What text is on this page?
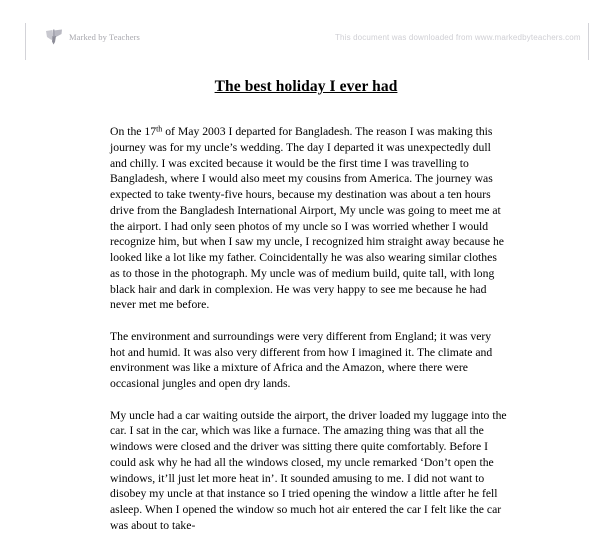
Marked by Teachers	This document was downloaded from www.markedbyteachers.com
The best holiday I ever had

On the 17th of May 2003 I departed for Bangladesh. The reason I was making this journey was for my uncle’s wedding. The day I departed it was unexpectedly dull and chilly. I was excited because it would be the first time I was travelling to Bangladesh, where I would also meet my cousins from America. The journey was expected to take twenty-five hours, because my destination was about a ten hours drive from the Bangladesh International Airport, My uncle was going to meet me at the airport. I had only seen photos of my uncle so I was worried whether I would recognize him, but when I saw my uncle, I recognized him straight away because he looked like a lot like my father. Coincidentally he was also wearing similar clothes as to those in the photograph. My uncle was of medium build, quite tall, with long black hair and dark in complexion. He was very happy to see me because he had never met me before.

The environment and surroundings were very different from England; it was very hot and humid. It was also very different from how I imagined it. The climate and environment was like a mixture of Africa and the Amazon, where there were occasional jungles and open dry lands.

My uncle had a car waiting outside the airport, the driver loaded my luggage into the car. I sat in the car, which was like a furnace. The amazing thing was that all the windows were closed and the driver was sitting there quite comfortably. Before I could ask why he had all the windows closed, my uncle remarked ‘Don’t open the windows, it’ll just let more heat in’. It sounded amusing to me. I did not want to disobey my uncle at that instance so I tried opening the window a little after he fell asleep. When I opened the window so much hot air entered the car I felt like the car was about to take-
